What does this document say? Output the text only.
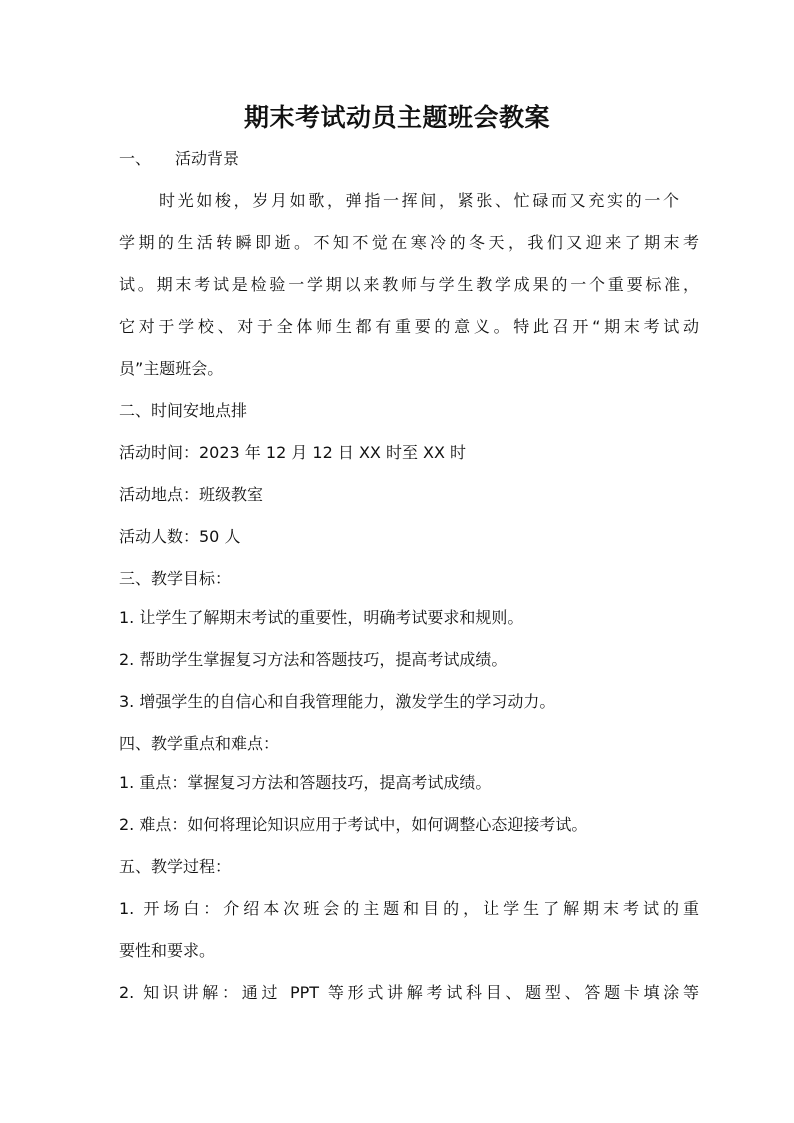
期末考试动员主题班会教案
一、 活动背景
时光如梭，岁月如歌，弹指一挥间，紧张、忙碌而又充实的一个
学期的生活转瞬即逝。不知不觉在寒冷的冬天，我们又迎来了期末考
试。期末考试是检验一学期以来教师与学生教学成果的一个重要标准，
它对于学校、对于全体师生都有重要的意义。特此召开“期末考试动
员”主题班会。
二、时间安地点排
活动时间：2023 年 12 月 12 日 XX 时至 XX 时
活动地点：班级教室
活动人数：50 人
三、教学目标：
1. 让学生了解期末考试的重要性，明确考试要求和规则。
2. 帮助学生掌握复习方法和答题技巧，提高考试成绩。
3. 增强学生的自信心和自我管理能力，激发学生的学习动力。
四、教学重点和难点：
1. 重点：掌握复习方法和答题技巧，提高考试成绩。
2. 难点：如何将理论知识应用于考试中，如何调整心态迎接考试。
五、教学过程：
1. 开场白：介绍本次班会的主题和目的，让学生了解期末考试的重
要性和要求。
2. 知识讲解：通过 PPT 等形式讲解考试科目、题型、答题卡填涂等
